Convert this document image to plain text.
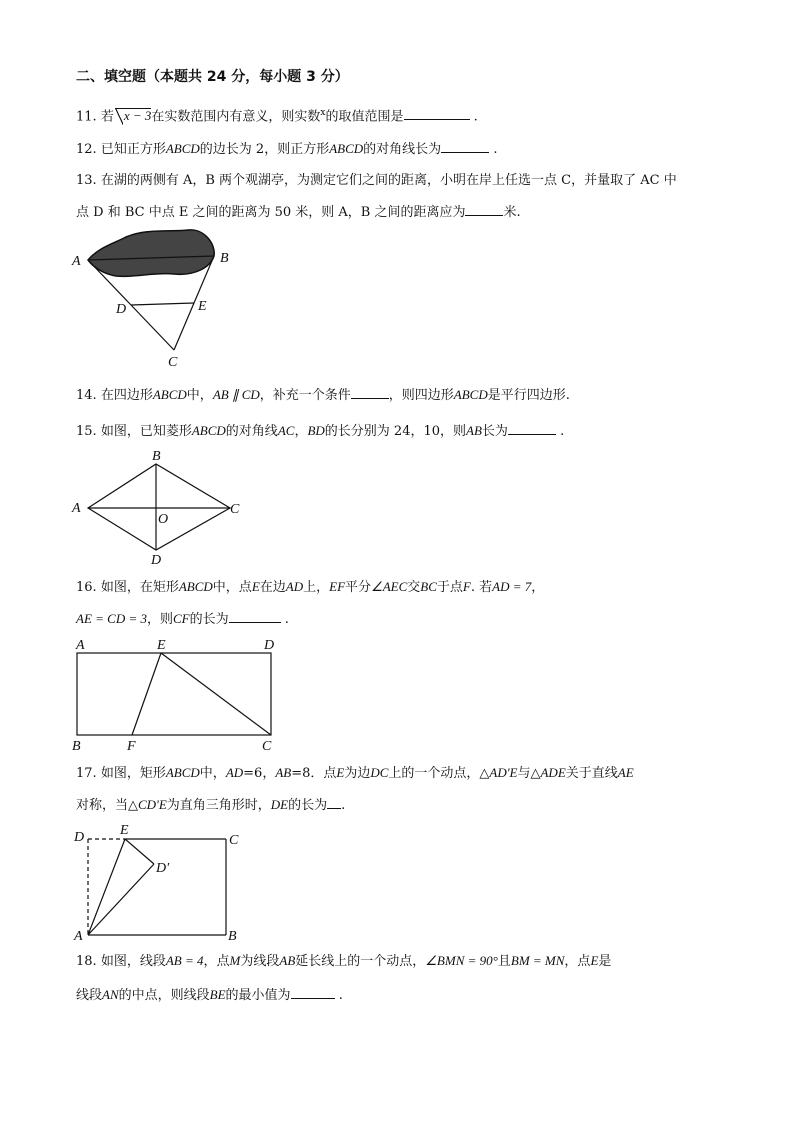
二、填空题（本题共 24 分，每小题 3 分）
11. 若 x − 3在实数范围内有意义，则实数$^x$的取值范围是	.
12. 已知正方形ABCD的边长为 2，则正方形ABCD的对角线长为	.
13. 在湖的两侧有 A，B 两个观湖亭，为测定它们之间的距离，小明在岸上任选一点 C，并量取了 AC 中
点 D 和 BC 中点 E 之间的距离为 50 米，则 A，B 之间的距离应为	米.
A	B
C
D	E
14. 在四边形ABCD中，AB ∥ CD，补充一个条件	，则四边形ABCD是平行四边形.
15. 如图，已知菱形ABCD的对角线AC，BD的长分别为 24，10，则AB长为	.
A
B
C
D
O
16. 如图，在矩形ABCD中，点E在边AD上，EF平分∠AEC交BC于点F. 若AD = 7，
AE = CD = 3，则CF的长为	.
A	E	D
B	F	C
17. 如图，矩形ABCD中，AD=6，AB=8．点E为边DC上的一个动点，△AD'E与△ADE关于直线AE
对称，当△CD'E为直角三角形时，DE的长为 .
D	E
C
D′
A	B
18. 如图，线段AB = 4，点M为线段AB延长线上的一个动点，∠BMN = 90°且BM = MN，点E是
线段AN的中点，则线段BE的最小值为	.
